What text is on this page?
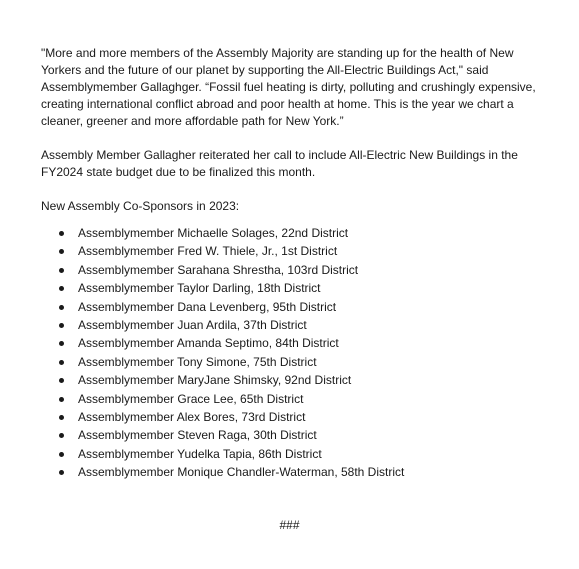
"More and more members of the Assembly Majority are standing up for the health of New Yorkers and the future of our planet by supporting the All-Electric Buildings Act," said Assemblymember Gallaghger. “Fossil fuel heating is dirty, polluting and crushingly expensive, creating international conflict abroad and poor health at home. This is the year we chart a cleaner, greener and more affordable path for New York.”

Assembly Member Gallagher reiterated her call to include All-Electric New Buildings in the FY2024 state budget due to be finalized this month.

New Assembly Co-Sponsors in 2023:

Assemblymember Michaelle Solages, 22nd District
Assemblymember Fred W. Thiele, Jr., 1st District
Assemblymember Sarahana Shrestha, 103rd District
Assemblymember Taylor Darling, 18th District
Assemblymember Dana Levenberg, 95th District
Assemblymember Juan Ardila, 37th District
Assemblymember Amanda Septimo, 84th District
Assemblymember Tony Simone, 75th District
Assemblymember MaryJane Shimsky, 92nd District
Assemblymember Grace Lee, 65th District
Assemblymember Alex Bores, 73rd District
Assemblymember Steven Raga, 30th District
Assemblymember Yudelka Tapia, 86th District
Assemblymember Monique Chandler-Waterman, 58th District
###
